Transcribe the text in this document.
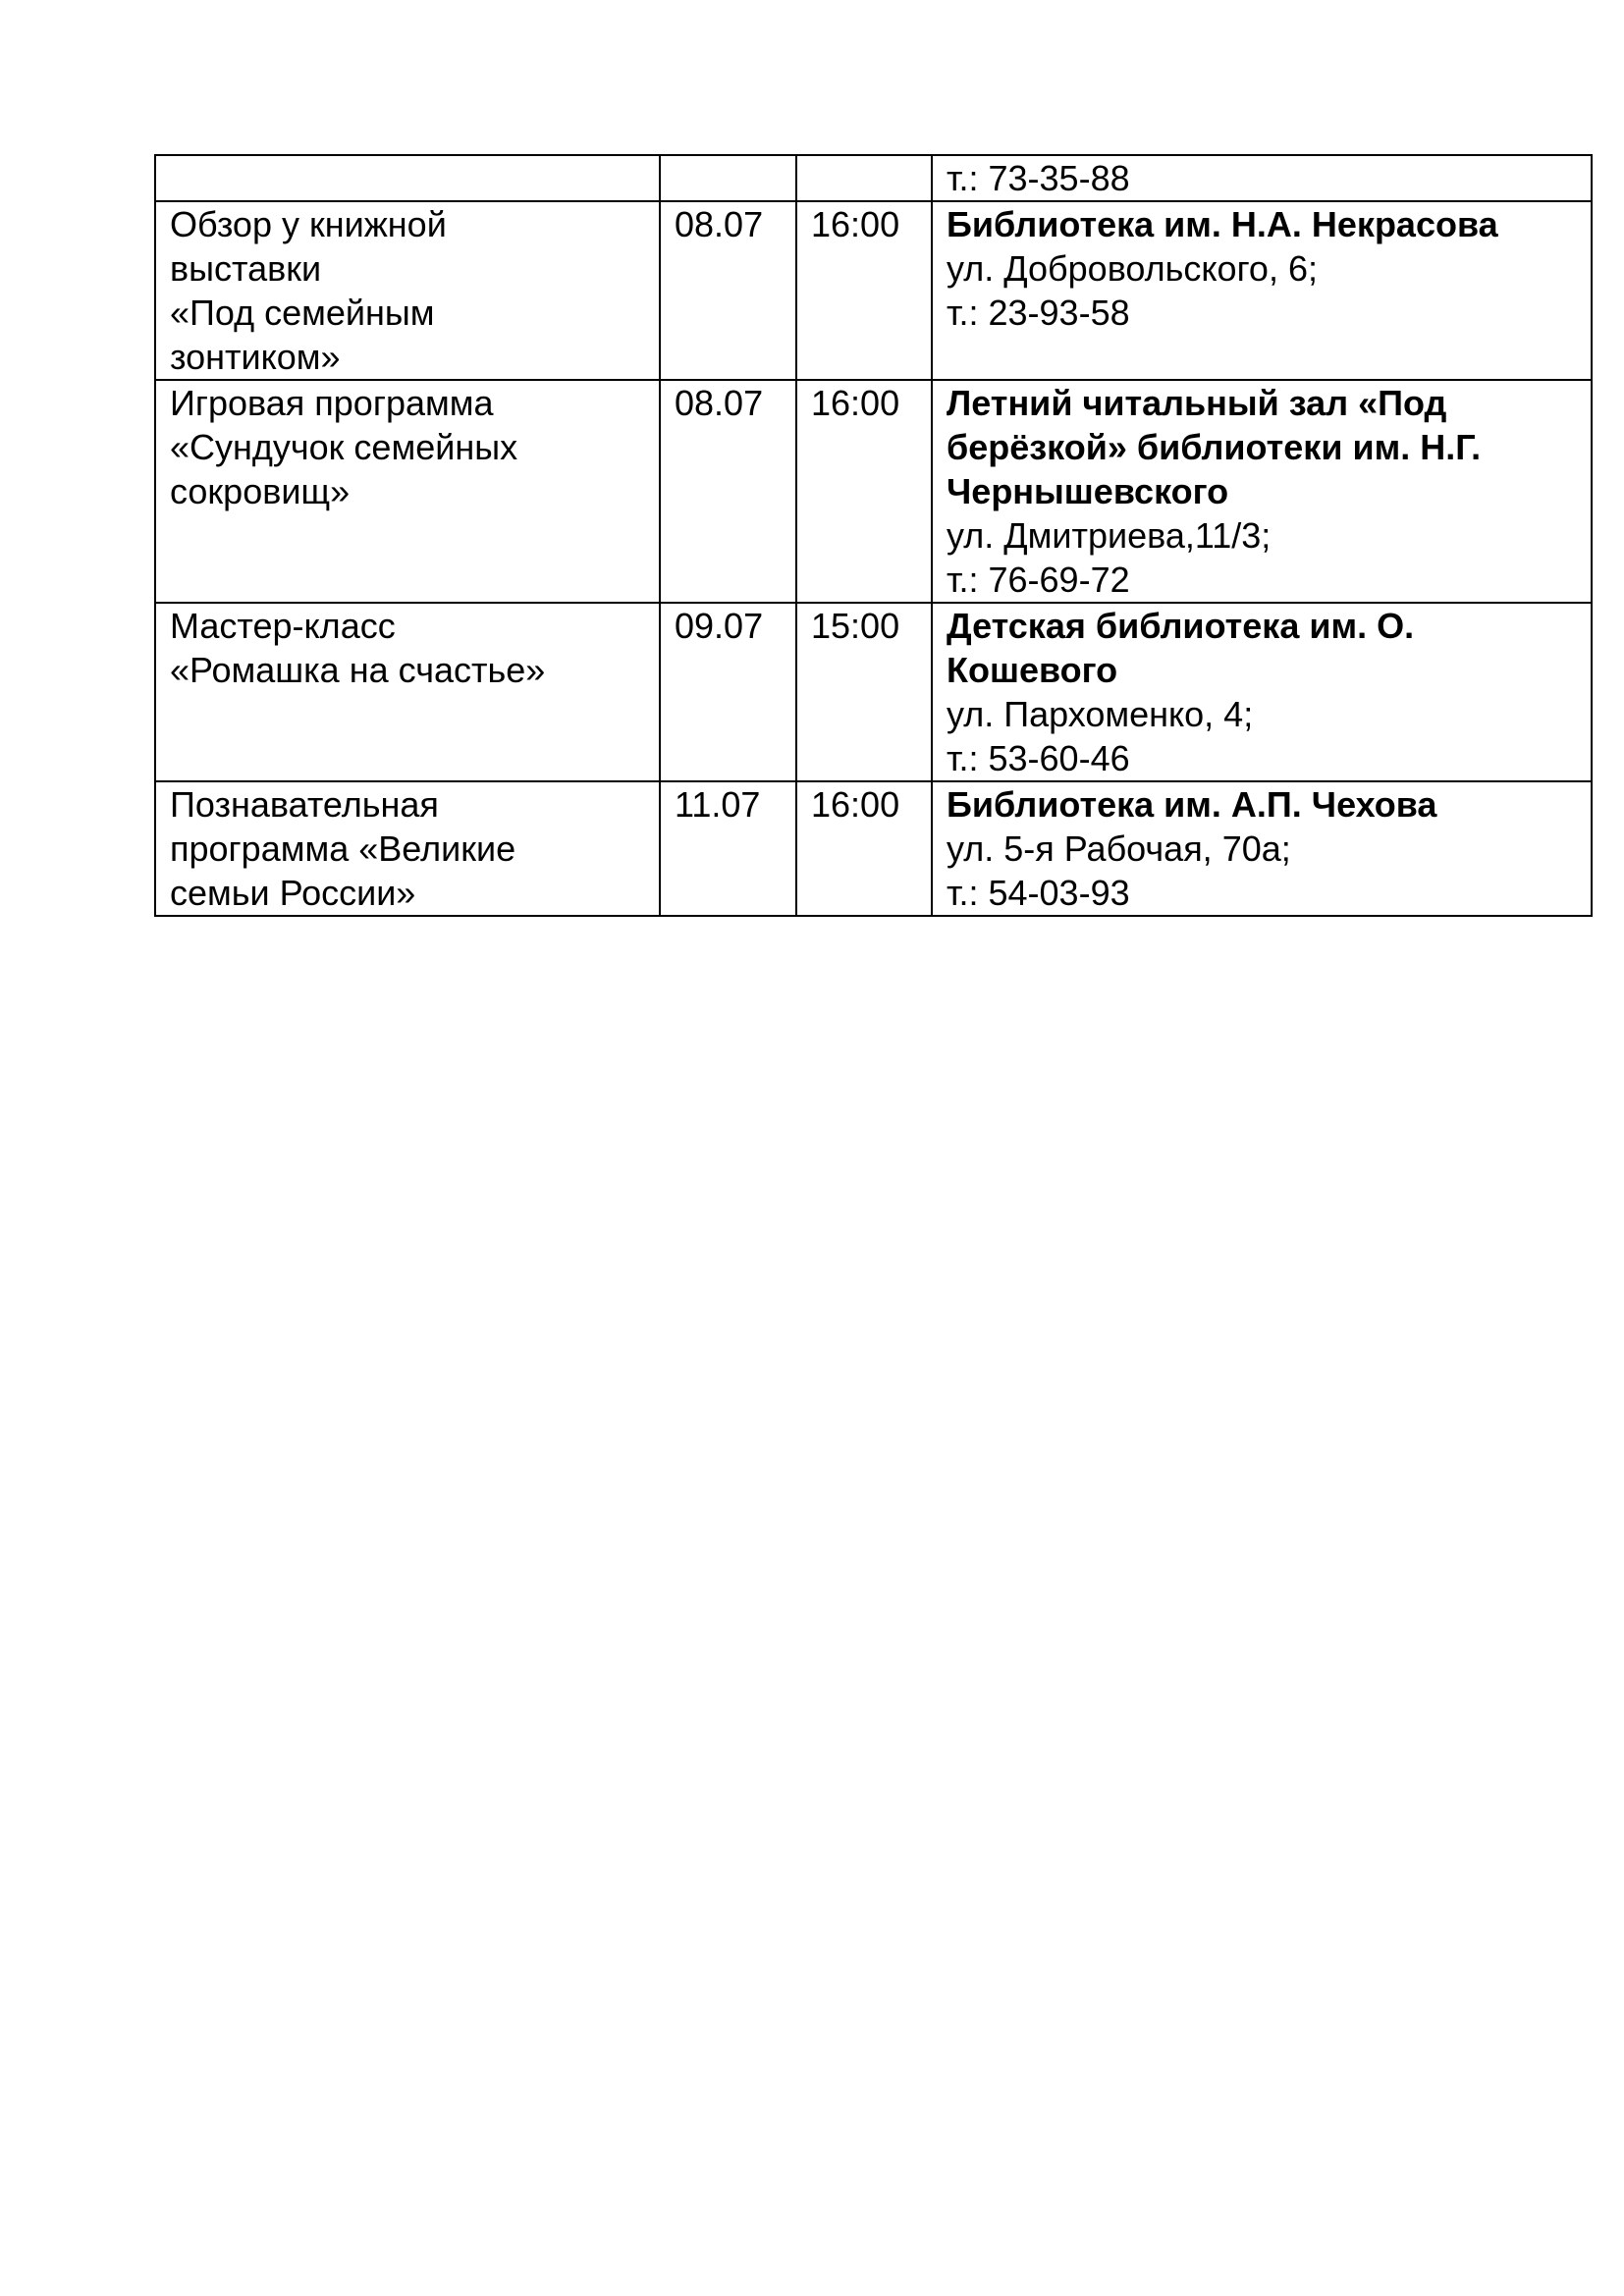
			т.: 73-35-88

Обзор у книжной
выставки
«Под семейным
зонтиком»	08.07	16:00	Библиотека им. Н.А. Некрасова
ул. Добровольского, 6;
т.: 23-93-58

Игровая программа
«Сундучок семейных
сокровищ»	08.07	16:00	Летний читальный зал «Под берёзкой» библиотеки им. Н.Г. Чернышевского
ул. Дмитриева,11/3;
т.: 76-69-72

Мастер-класс
«Ромашка на счастье»	09.07	15:00	Детская библиотека им. О. Кошевого
ул. Пархоменко, 4;
т.: 53-60-46

Познавательная
программа «Великие
семьи России»	11.07	16:00	Библиотека им. А.П. Чехова
ул. 5-я Рабочая, 70а;
т.: 54-03-93
